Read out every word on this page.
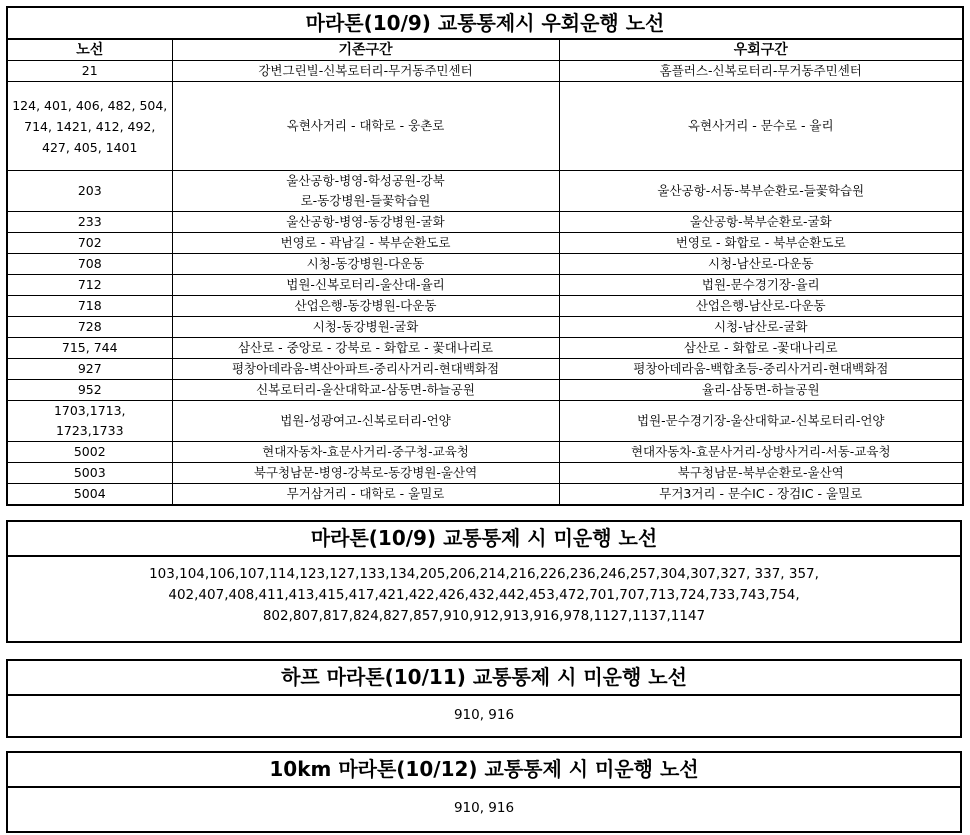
마라톤(10/9) 교통통제시 우회운행 노선		
노선	기존구간	우회구간
21	강변그린빌-신복로터리-무거동주민센터	홈플러스-신복로터리-무거동주민센터
124, 401, 406, 482, 504, 714, 1421, 412, 492, 427, 405, 1401	옥현사거리 - 대학로 - 웅촌로	옥현사거리 - 문수로 - 율리
203	울산공항-병영-학성공원-강북로-동강병원-들꽃학습원	울산공항-서동-북부순환로-들꽃학습원
233	울산공항-병영-동강병원-굴화	울산공항-북부순환로-굴화
702	번영로 - 곽남길 - 북부순환도로	번영로 - 화합로 - 북부순환도로
708	시청-동강병원-다운동	시청-남산로-다운동
712	법원-신복로터리-울산대-율리	법원-문수경기장-율리
718	산업은행-동강병원-다운동	산업은행-남산로-다운동
728	시청-동강병원-굴화	시청-남산로-굴화
715, 744	삼산로 - 중앙로 - 강북로 - 화합로 - 꽃대나리로	삼산로 - 화합로 -꽃대나리로
927	평창아데라움-벽산아파트-중리사거리-현대백화점	평창아데라움-백합초등-중리사거리-현대백화점
952	신복로터리-울산대학교-삼동면-하늘공원	율리-삼동면-하늘공원
1703,1713, 1723,1733	법원-성광여고-신복로터리-언양	법원-문수경기장-울산대학교-신복로터리-언양
5002	현대자동차-효문사거리-중구청-교육청	현대자동차-효문사거리-상방사거리-서동-교육청
5003	북구청남문-병영-강북로-동강병원-울산역	북구청남문-북부순환로-울산역
5004	무거삼거리 - 대학로 - 울밀로	무거3거리 - 문수IC - 장검IC - 울밀로
마라톤(10/9) 교통통제 시 미운행 노선
103,104,106,107,114,123,127,133,134,205,206,214,216,226,236,246,257,304,307,327, 337, 357,
402,407,408,411,413,415,417,421,422,426,432,442,453,472,701,707,713,724,733,743,754,
802,807,817,824,827,857,910,912,913,916,978,1127,1137,1147
하프 마라톤(10/11) 교통통제 시 미운행 노선
910, 916
10km 마라톤(10/12) 교통통제 시 미운행 노선
910, 916
